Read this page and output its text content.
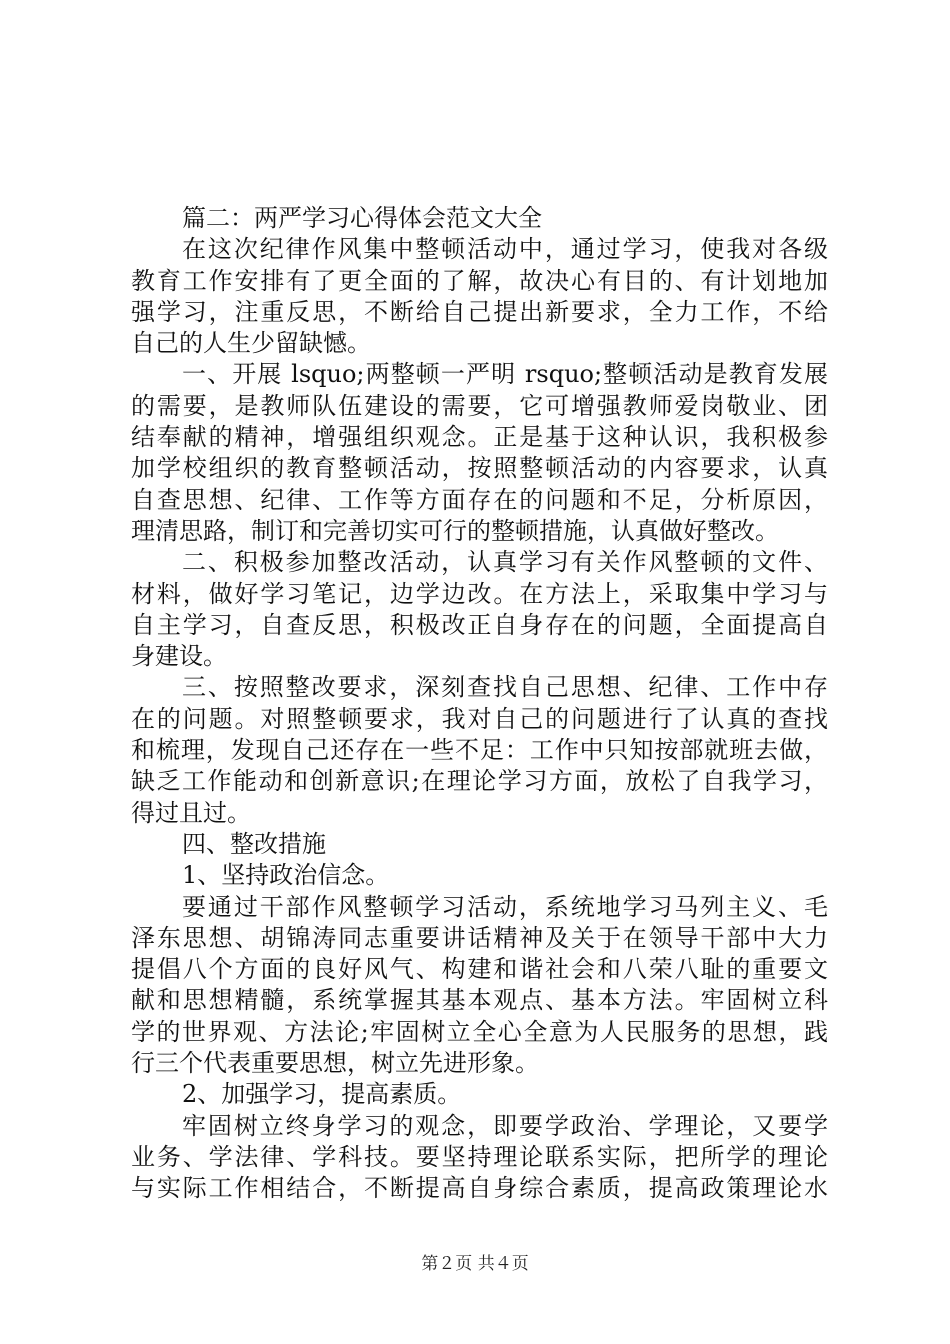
篇二：两严学习心得体会范文大全
在这次纪律作风集中整顿活动中，通过学习，使我对各级
教育工作安排有了更全面的了解，故决心有目的、有计划地加
强学习，注重反思，不断给自己提出新要求，全力工作，不给
自己的人生少留缺憾。
一、开展 lsquo;两整顿一严明 rsquo;整顿活动是教育发展
的需要，是教师队伍建设的需要，它可增强教师爱岗敬业、团
结奉献的精神，增强组织观念。正是基于这种认识，我积极参
加学校组织的教育整顿活动，按照整顿活动的内容要求，认真
自查思想、纪律、工作等方面存在的问题和不足，分析原因，
理清思路，制订和完善切实可行的整顿措施，认真做好整改。
二、积极参加整改活动，认真学习有关作风整顿的文件、
材料，做好学习笔记，边学边改。在方法上，采取集中学习与
自主学习，自查反思，积极改正自身存在的问题，全面提高自
身建设。
三、按照整改要求，深刻查找自己思想、纪律、工作中存
在的问题。对照整顿要求，我对自己的问题进行了认真的查找
和梳理，发现自己还存在一些不足：工作中只知按部就班去做，
缺乏工作能动和创新意识;在理论学习方面，放松了自我学习，
得过且过。
四、整改措施
1、坚持政治信念。
要通过干部作风整顿学习活动，系统地学习马列主义、毛
泽东思想、胡锦涛同志重要讲话精神及关于在领导干部中大力
提倡八个方面的良好风气、构建和谐社会和八荣八耻的重要文
献和思想精髓，系统掌握其基本观点、基本方法。牢固树立科
学的世界观、方法论;牢固树立全心全意为人民服务的思想，践
行三个代表重要思想，树立先进形象。
2、加强学习，提高素质。
牢固树立终身学习的观念，即要学政治、学理论，又要学
业务、学法律、学科技。要坚持理论联系实际，把所学的理论
与实际工作相结合，不断提高自身综合素质，提高政策理论水
第２页 共４页
